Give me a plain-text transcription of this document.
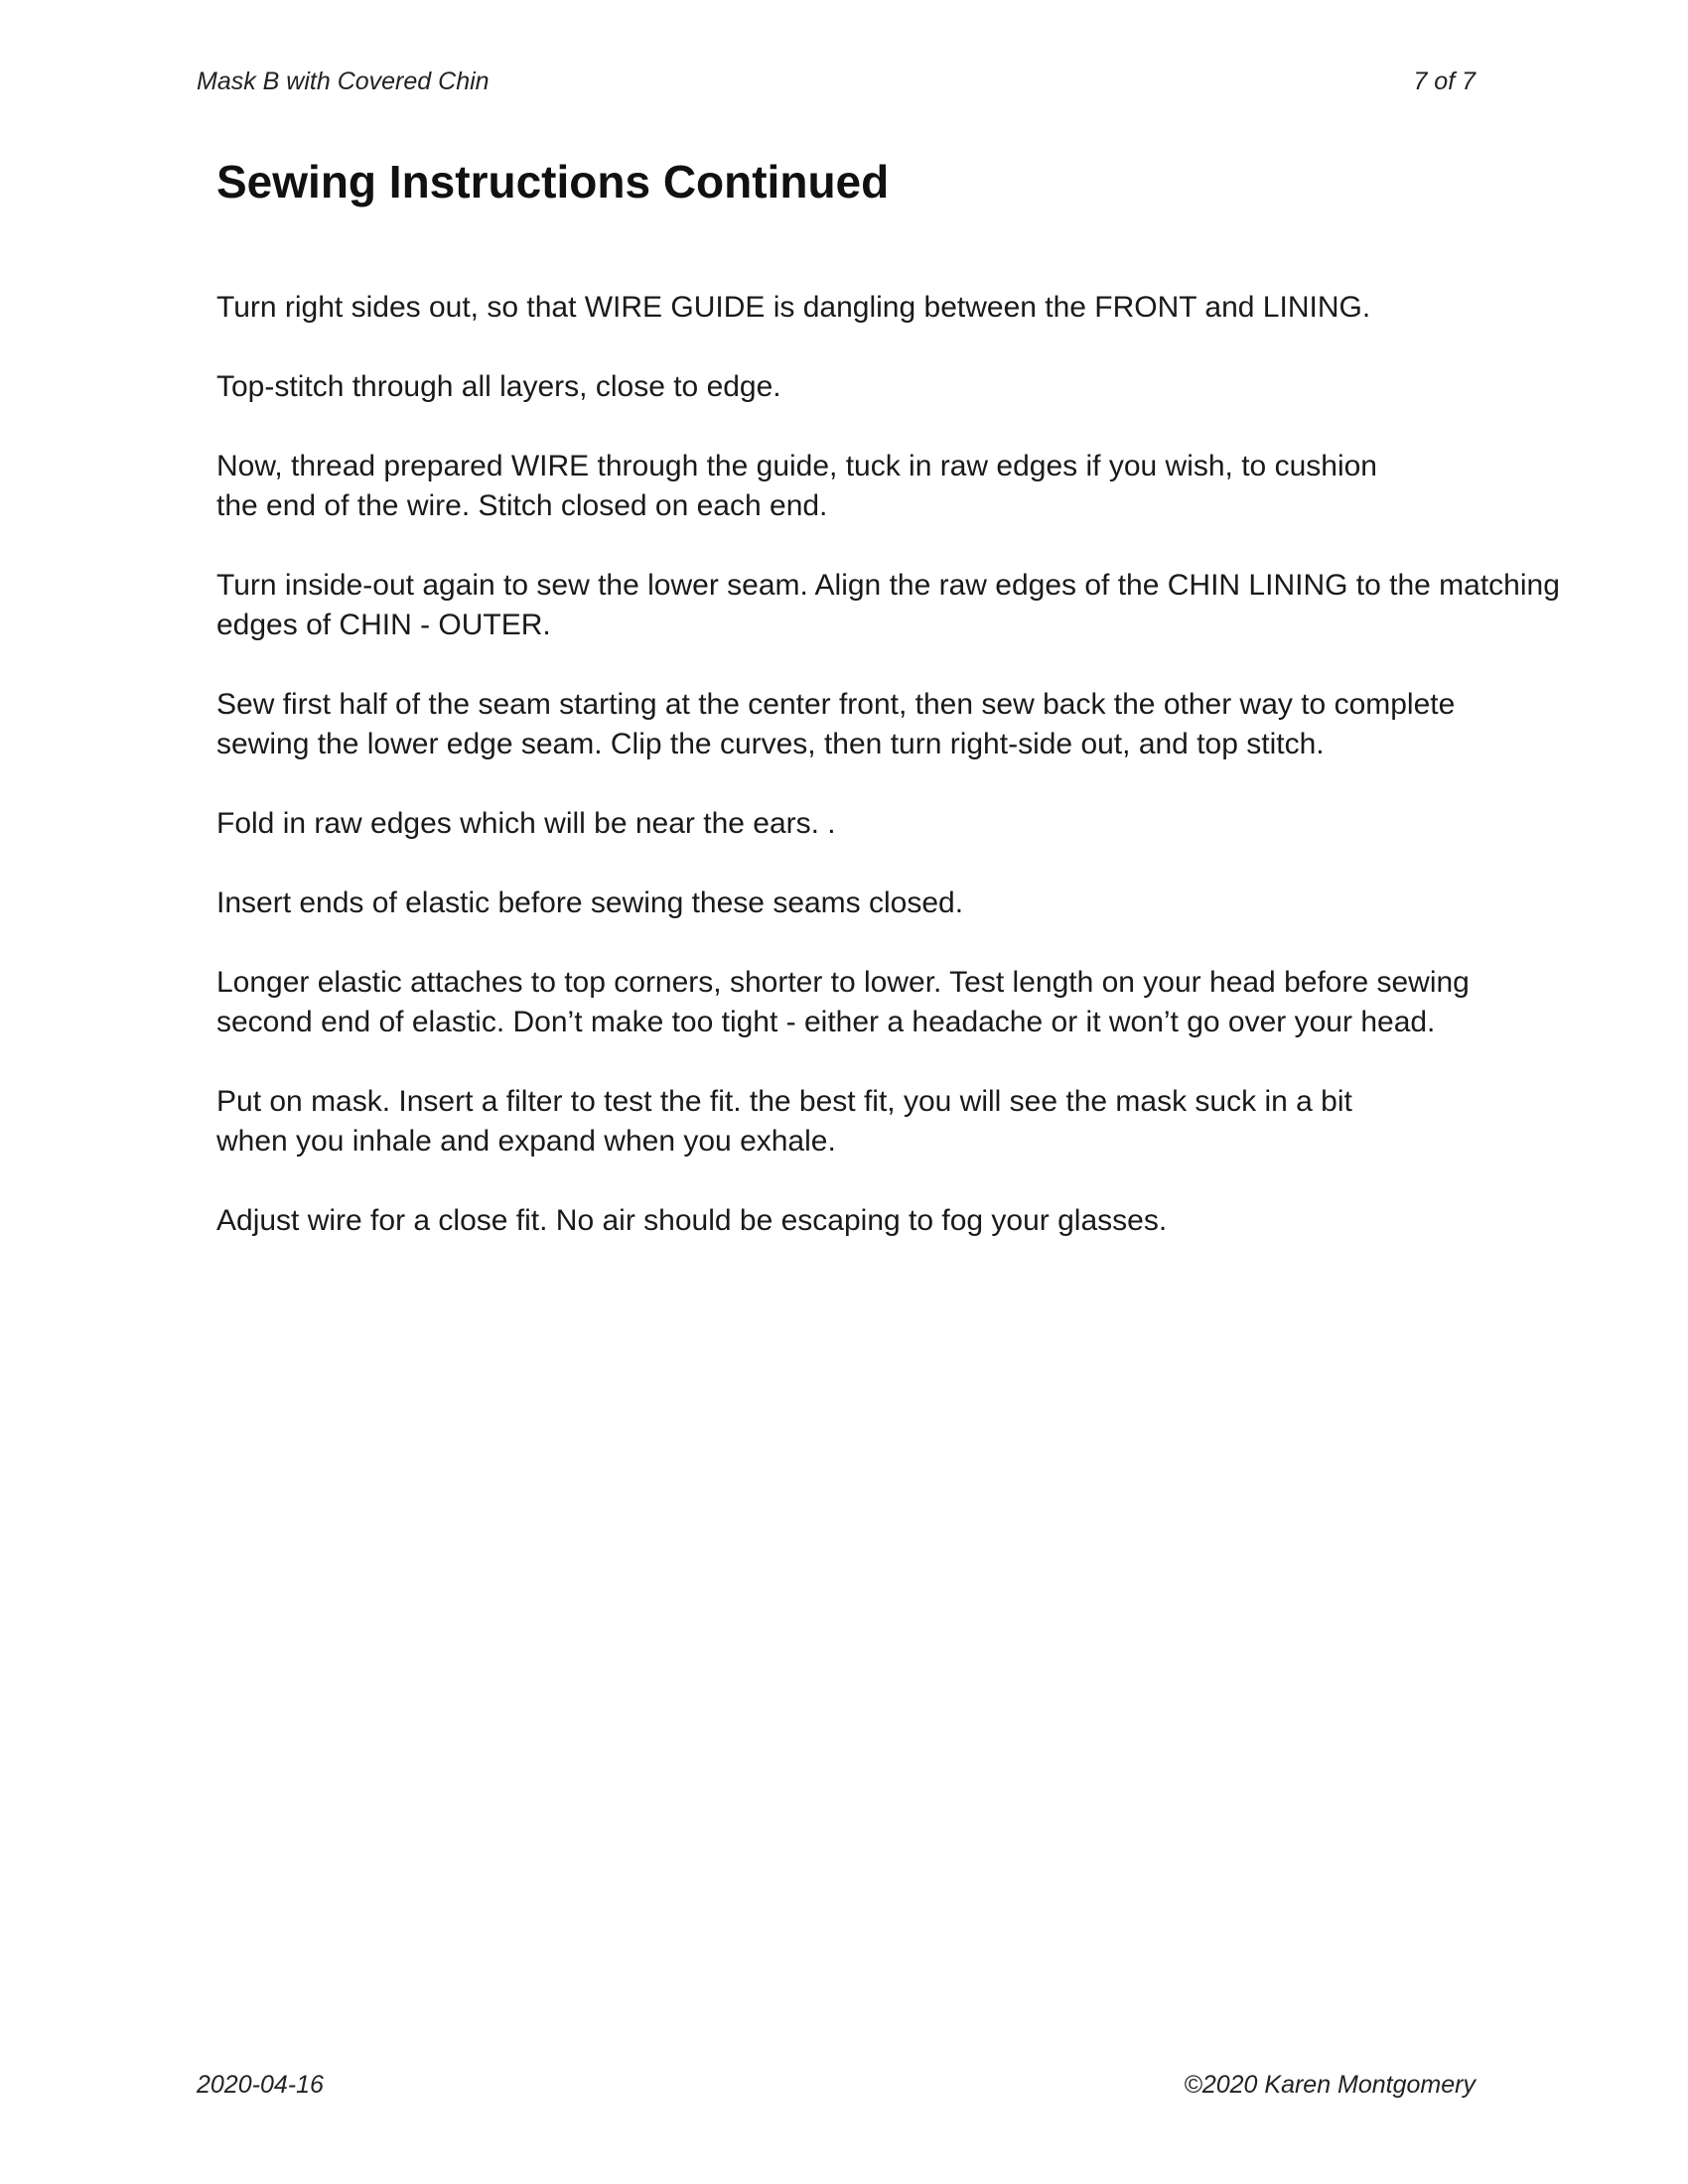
Mask B with Covered Chin	7 of 7
Sewing Instructions Continued

Turn right sides out, so that WIRE GUIDE is dangling between the FRONT and LINING.

Top-stitch through all layers, close to edge.

Now, thread prepared WIRE through the guide, tuck in raw edges if you wish, to cushion
the end of the wire. Stitch closed on each end.

Turn inside-out again to sew the lower seam. Align the raw edges of the CHIN LINING to the matching
edges of CHIN - OUTER.

Sew first half of the seam starting at the center front, then sew back the other way to complete
sewing the lower edge seam. Clip the curves, then turn right-side out, and top stitch.

Fold in raw edges which will be near the ears. .

Insert ends of elastic before sewing these seams closed.

Longer elastic attaches to top corners, shorter to lower. Test length on your head before sewing
second end of elastic. Don’t make too tight - either a headache or it won’t go over your head.

Put on mask. Insert a filter to test the fit. the best fit, you will see the mask suck in a bit
when you inhale and expand when you exhale.

Adjust wire for a close fit. No air should be escaping to fog your glasses.

2020-04-16	©2020 Karen Montgomery
